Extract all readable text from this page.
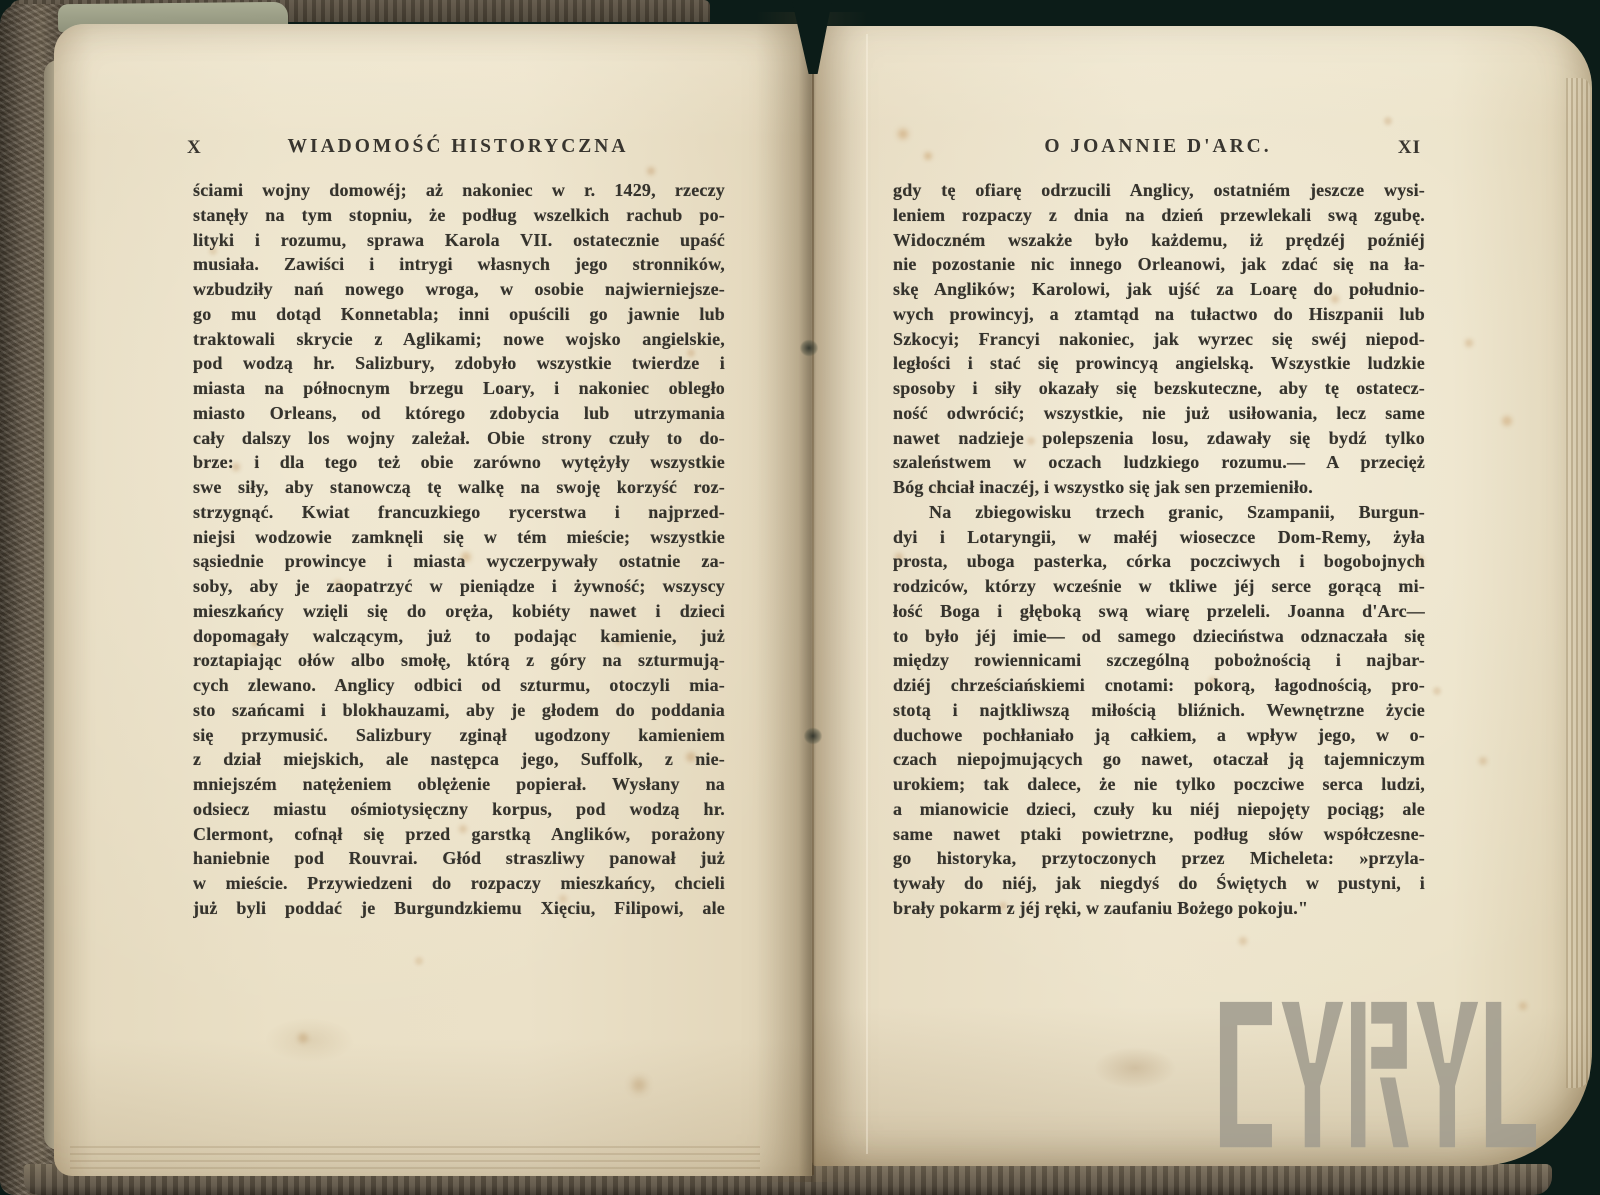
X	WIADOMOŚĆ HISTORYCZNA
ściami wojny domowéj; aż nakoniec w r. 1429, rzeczy
stanęły na tym stopniu, że podług wszelkich rachub po-
lityki i rozumu, sprawa Karola VII. ostatecznie upaść
musiała. Zawiści i intrygi własnych jego stronników,
wzbudziły nań nowego wroga, w osobie najwierniejsze-
go mu dotąd Konnetabla; inni opuścili go jawnie lub
traktowali skrycie z Aglikami; nowe wojsko angielskie,
pod wodzą hr. Salizbury, zdobyło wszystkie twierdze i
miasta na północnym brzegu Loary, i nakoniec obległo
miasto Orleans, od którego zdobycia lub utrzymania
cały dalszy los wojny zależał. Obie strony czuły to do-
brze: i dla tego też obie zarówno wytężyły wszystkie
swe siły, aby stanowczą tę walkę na swoję korzyść roz-
strzygnąć. Kwiat francuzkiego rycerstwa i najprzed-
niejsi wodzowie zamknęli się w tém mieście; wszystkie
sąsiednie prowincye i miasta wyczerpywały ostatnie za-
soby, aby je zaopatrzyć w pieniądze i żywność; wszyscy
mieszkańcy wzięli się do oręża, kobiéty nawet i dzieci
dopomagały walczącym, już to podając kamienie, już
roztapiając ołów albo smołę, którą z góry na szturmują-
cych zlewano. Anglicy odbici od szturmu, otoczyli mia-
sto szańcami i blokhauzami, aby je głodem do poddania
się przymusić. Salizbury zginął ugodzony kamieniem
z dział miejskich, ale następca jego, Suffolk, z nie-
mniejszém natężeniem oblężenie popierał. Wysłany na
odsiecz miastu ośmiotysięczny korpus, pod wodzą hr.
Clermont, cofnął się przed garstką Anglików, porażony
haniebnie pod Rouvrai. Głód straszliwy panował już
w mieście. Przywiedzeni do rozpaczy mieszkańcy, chcieli
już byli poddać je Burgundzkiemu Xięciu, Filipowi, ale
O JOANNIE D'ARC.	XI
gdy tę ofiarę odrzucili Anglicy, ostatniém jeszcze wysi-
leniem rozpaczy z dnia na dzień przewlekali swą zgubę.
Widoczném wszakże było każdemu, iż prędzéj poźniéj
nie pozostanie nic innego Orleanowi, jak zdać się na ła-
skę Anglików; Karolowi, jak ujść za Loarę do południo-
wych prowincyj, a ztamtąd na tułactwo do Hiszpanii lub
Szkocyi; Francyi nakoniec, jak wyrzec się swéj niepod-
ległości i stać się prowincyą angielską. Wszystkie ludzkie
sposoby i siły okazały się bezskuteczne, aby tę ostatecz-
ność odwrócić; wszystkie, nie już usiłowania, lecz same
nawet nadzieje polepszenia losu, zdawały się bydź tylko
szaleństwem w oczach ludzkiego rozumu.— A przecięż
Bóg chciał inaczéj, i wszystko się jak sen przemieniło.
Na zbiegowisku trzech granic, Szampanii, Burgun-
dyi i Lotaryngii, w małéj wioseczce Dom-Remy, żyła
prosta, uboga pasterka, córka poczciwych i bogobojnych
rodziców, którzy wcześnie w tkliwe jéj serce gorącą mi-
łość Boga i głęboką swą wiarę przeleli. Joanna d'Arc—
to było jéj imie— od samego dzieciństwa odznaczała się
między rowiennicami szczególną pobożnością i najbar-
dziéj chrześciańskiemi cnotami: pokorą, łagodnością, pro-
stotą i najtkliwszą miłością bliźnich. Wewnętrzne życie
duchowe pochłaniało ją całkiem, a wpływ jego, w o-
czach niepojmujących go nawet, otaczał ją tajemniczym
urokiem; tak dalece, że nie tylko poczciwe serca ludzi,
a mianowicie dzieci, czuły ku niéj niepojęty pociąg; ale
same nawet ptaki powietrzne, podług słów współczesne-
go historyka, przytoczonych przez Micheleta: »przyla-
tywały do niéj, jak niegdyś do Świętych w pustyni, i
brały pokarm z jéj ręki, w zaufaniu Bożego pokoju."
